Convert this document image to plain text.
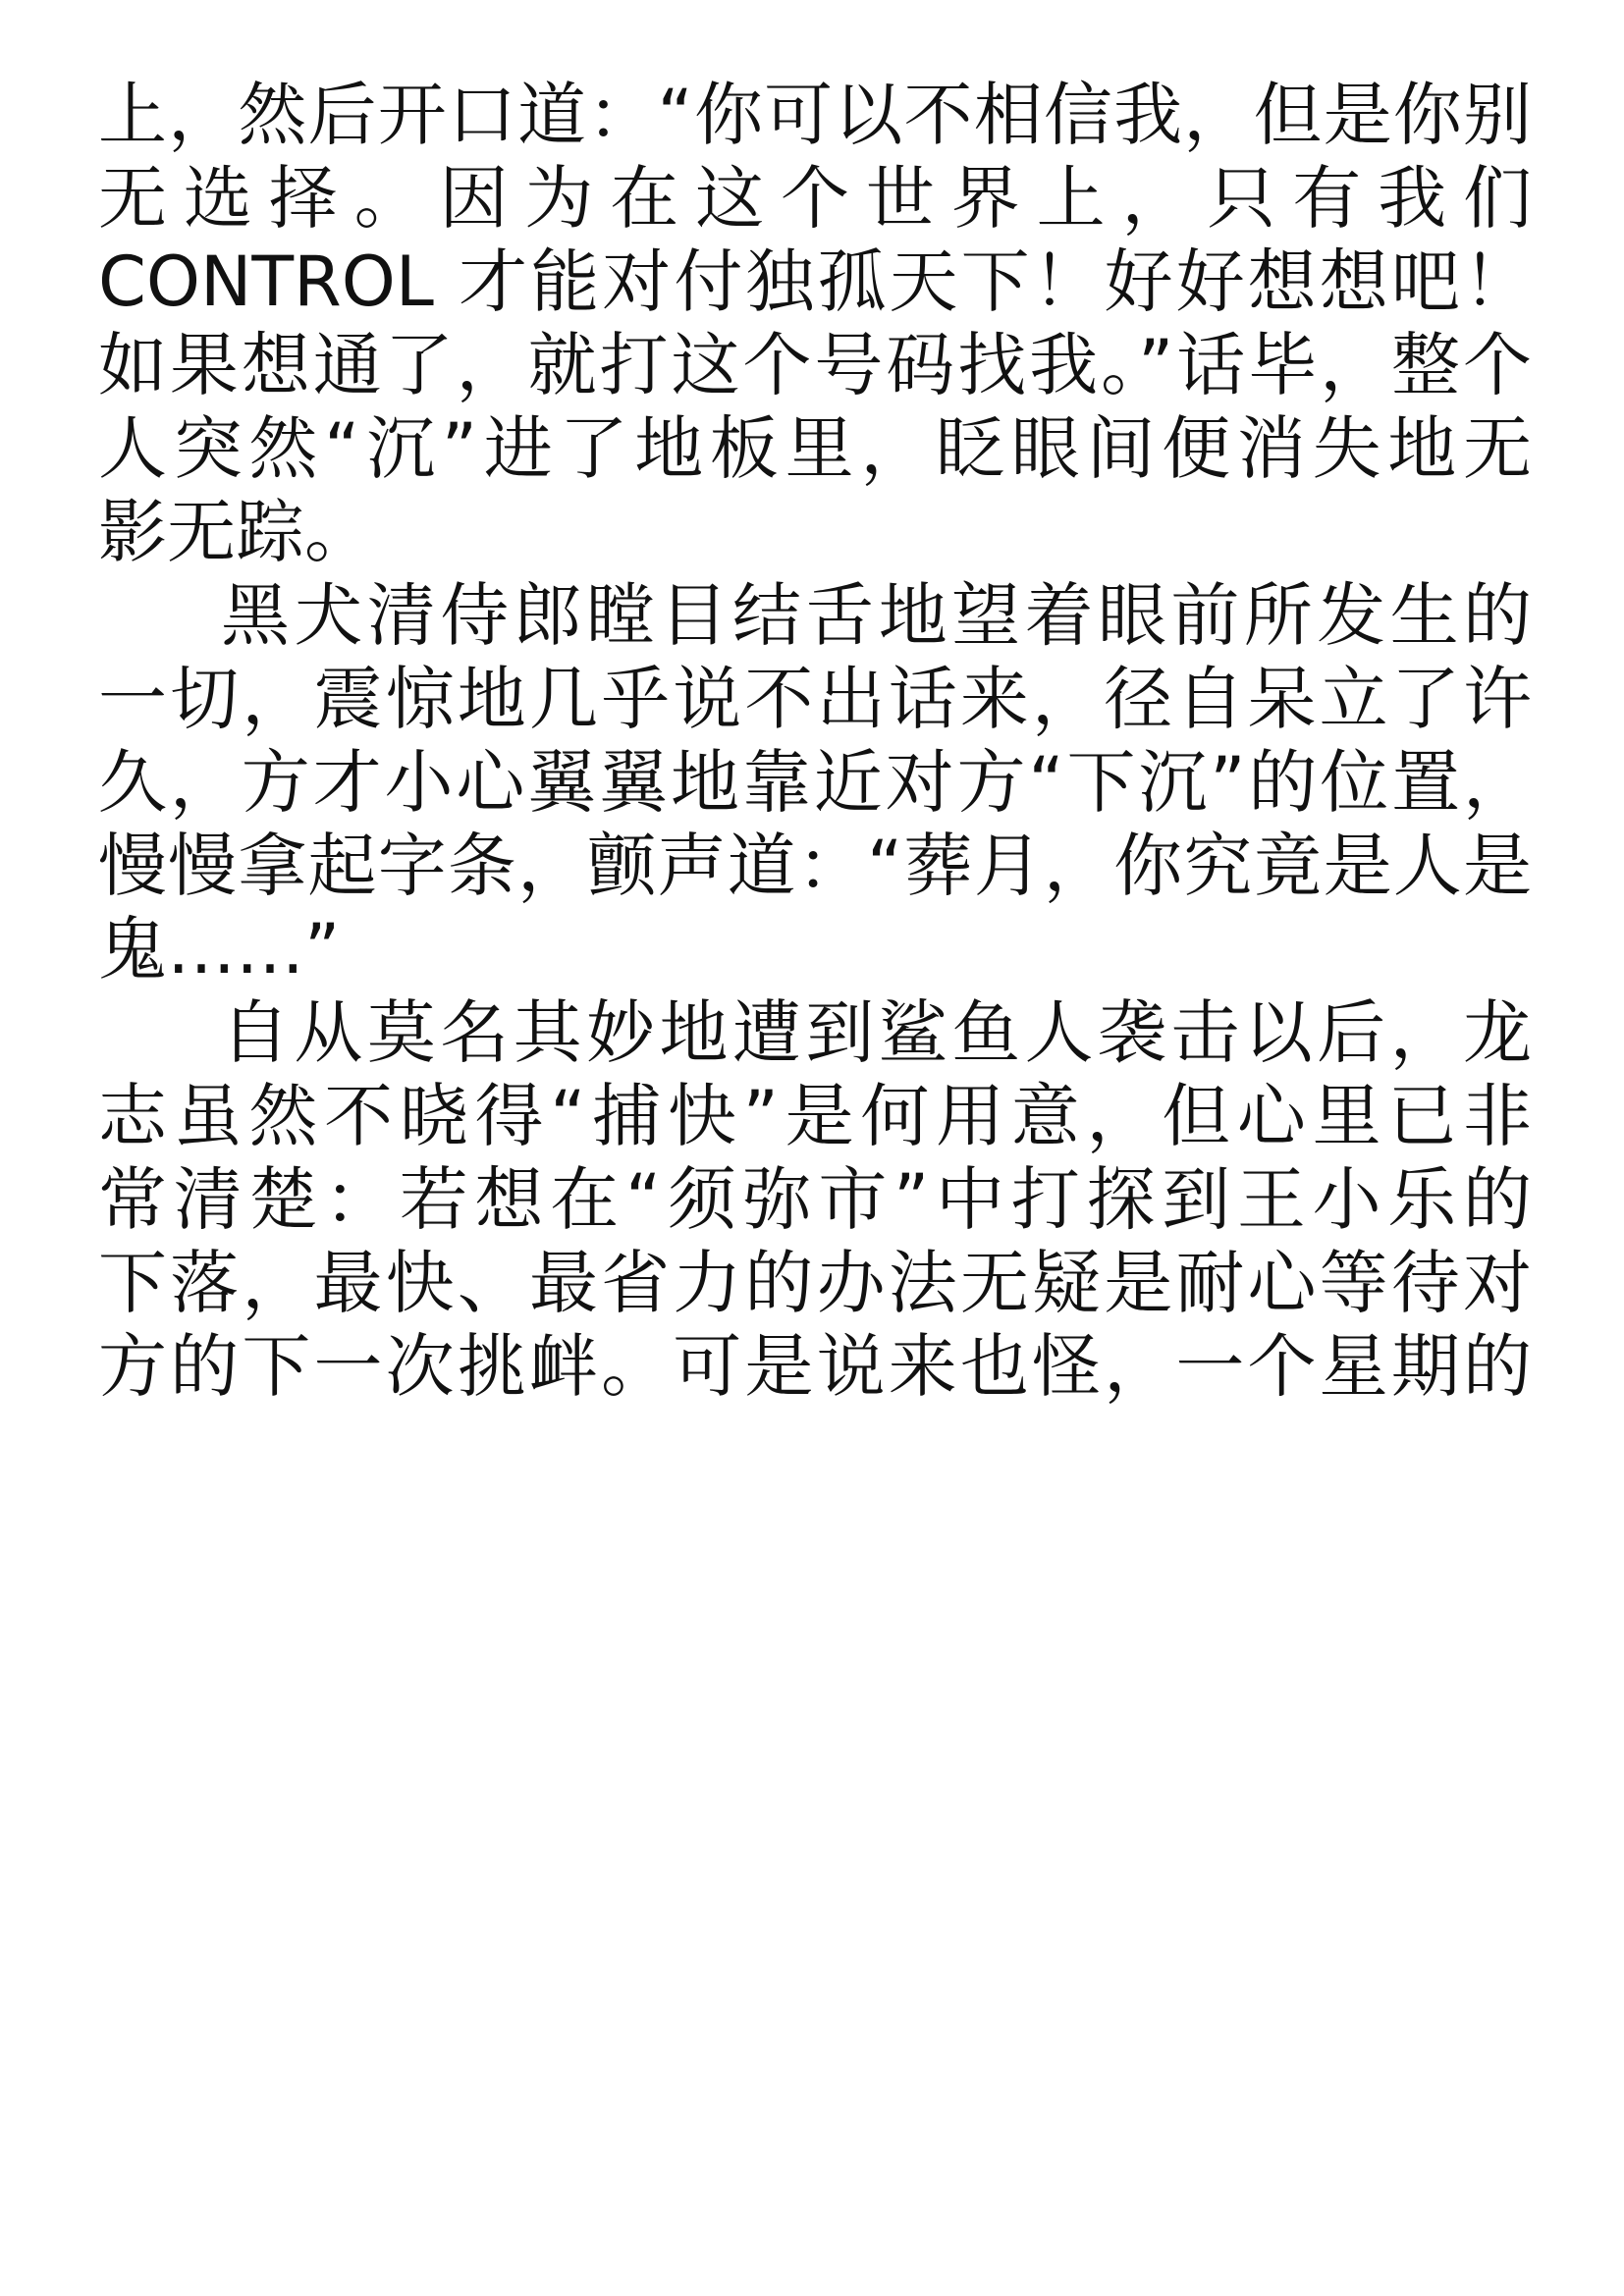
上，然后开口道：“你可以不相信我，但是你别
无选择。因为在这个世界上，只有我们
CONTROL 才能对付独孤天下！好好想想吧！
如果想通了，就打这个号码找我。”话毕，整个
人突然“沉”进了地板里，眨眼间便消失地无
影无踪。
黑犬清侍郎瞠目结舌地望着眼前所发生的
一切，震惊地几乎说不出话来，径自呆立了许
久，方才小心翼翼地靠近对方“下沉”的位置，
慢慢拿起字条，颤声道：“葬月，你究竟是人是
鬼……”
自从莫名其妙地遭到鲨鱼人袭击以后，龙
志虽然不晓得“捕快”是何用意，但心里已非
常清楚：若想在“须弥市”中打探到王小乐的
下落，最快、最省力的办法无疑是耐心等待对
方的下一次挑衅。可是说来也怪，一个星期的
